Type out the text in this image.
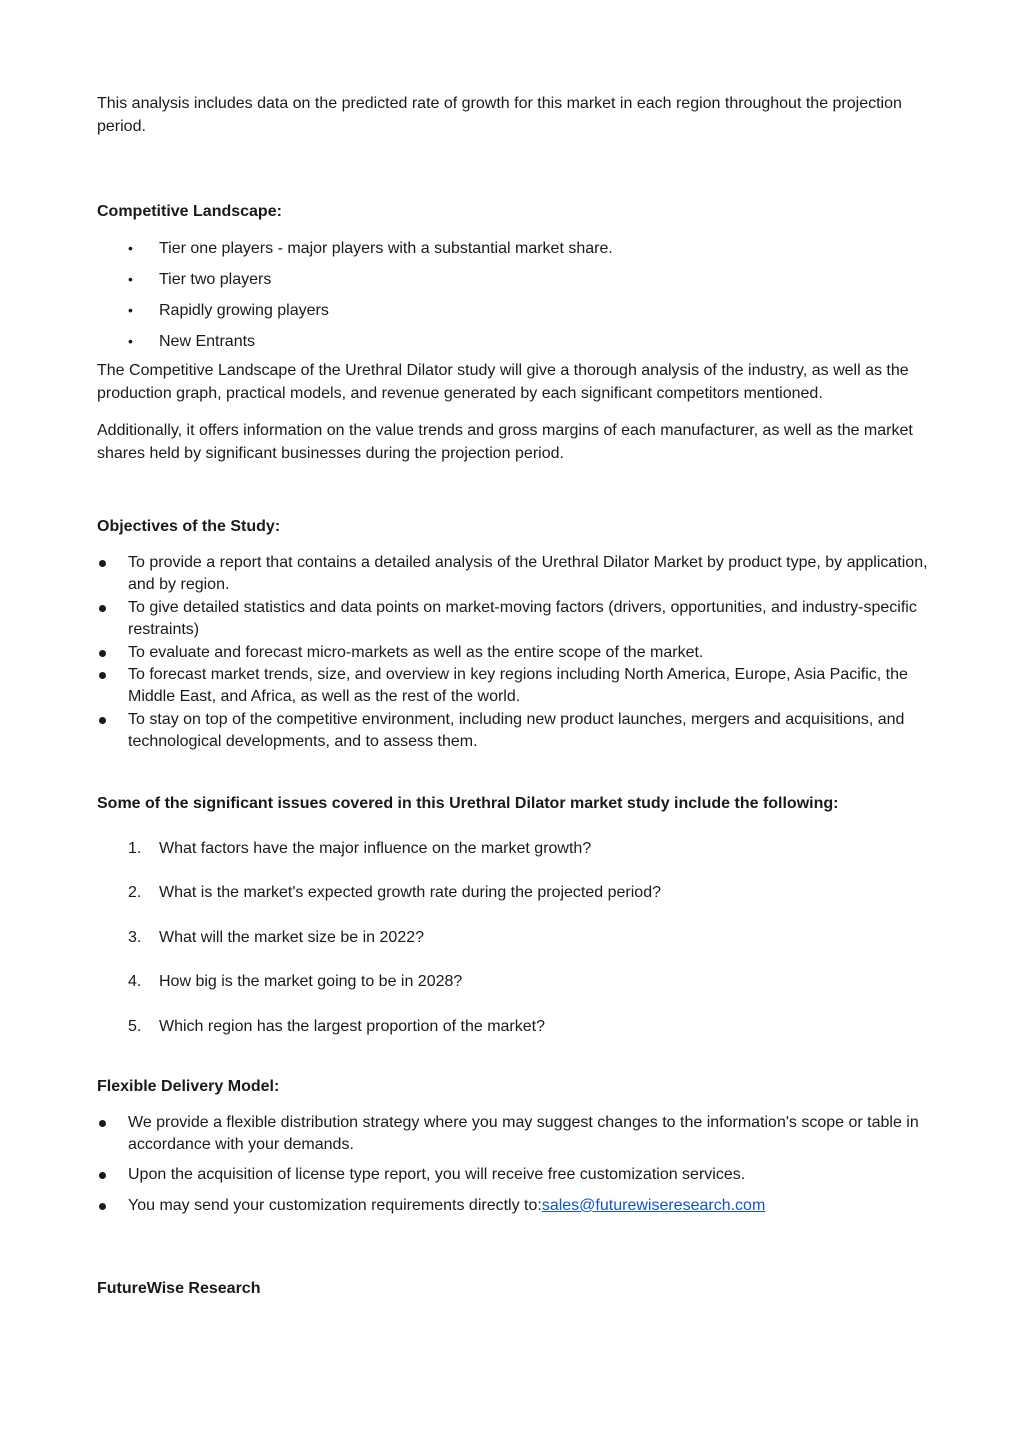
This analysis includes data on the predicted rate of growth for this market in each region throughout the projection period.

Competitive Landscape:

• Tier one players - major players with a substantial market share.
• Tier two players
• Rapidly growing players
• New Entrants

The Competitive Landscape of the Urethral Dilator study will give a thorough analysis of the industry, as well as the production graph, practical models, and revenue generated by each significant competitors mentioned.

Additionally, it offers information on the value trends and gross margins of each manufacturer, as well as the market shares held by significant businesses during the projection period.

Objectives of the Study:

To provide a report that contains a detailed analysis of the Urethral Dilator Market by product type, by application, and by region.
To give detailed statistics and data points on market-moving factors (drivers, opportunities, and industry-specific restraints)
To evaluate and forecast micro-markets as well as the entire scope of the market.
To forecast market trends, size, and overview in key regions including North America, Europe, Asia Pacific, the Middle East, and Africa, as well as the rest of the world.
To stay on top of the competitive environment, including new product launches, mergers and acquisitions, and technological developments, and to assess them.

Some of the significant issues covered in this Urethral Dilator market study include the following:

1. What factors have the major influence on the market growth?
2. What is the market's expected growth rate during the projected period?
3. What will the market size be in 2022?
4. How big is the market going to be in 2028?
5. Which region has the largest proportion of the market?

Flexible Delivery Model:

We provide a flexible distribution strategy where you may suggest changes to the information's scope or table in accordance with your demands.
Upon the acquisition of license type report, you will receive free customization services.
You may send your customization requirements directly to:sales@futurewiseresearch.com

FutureWise Research
